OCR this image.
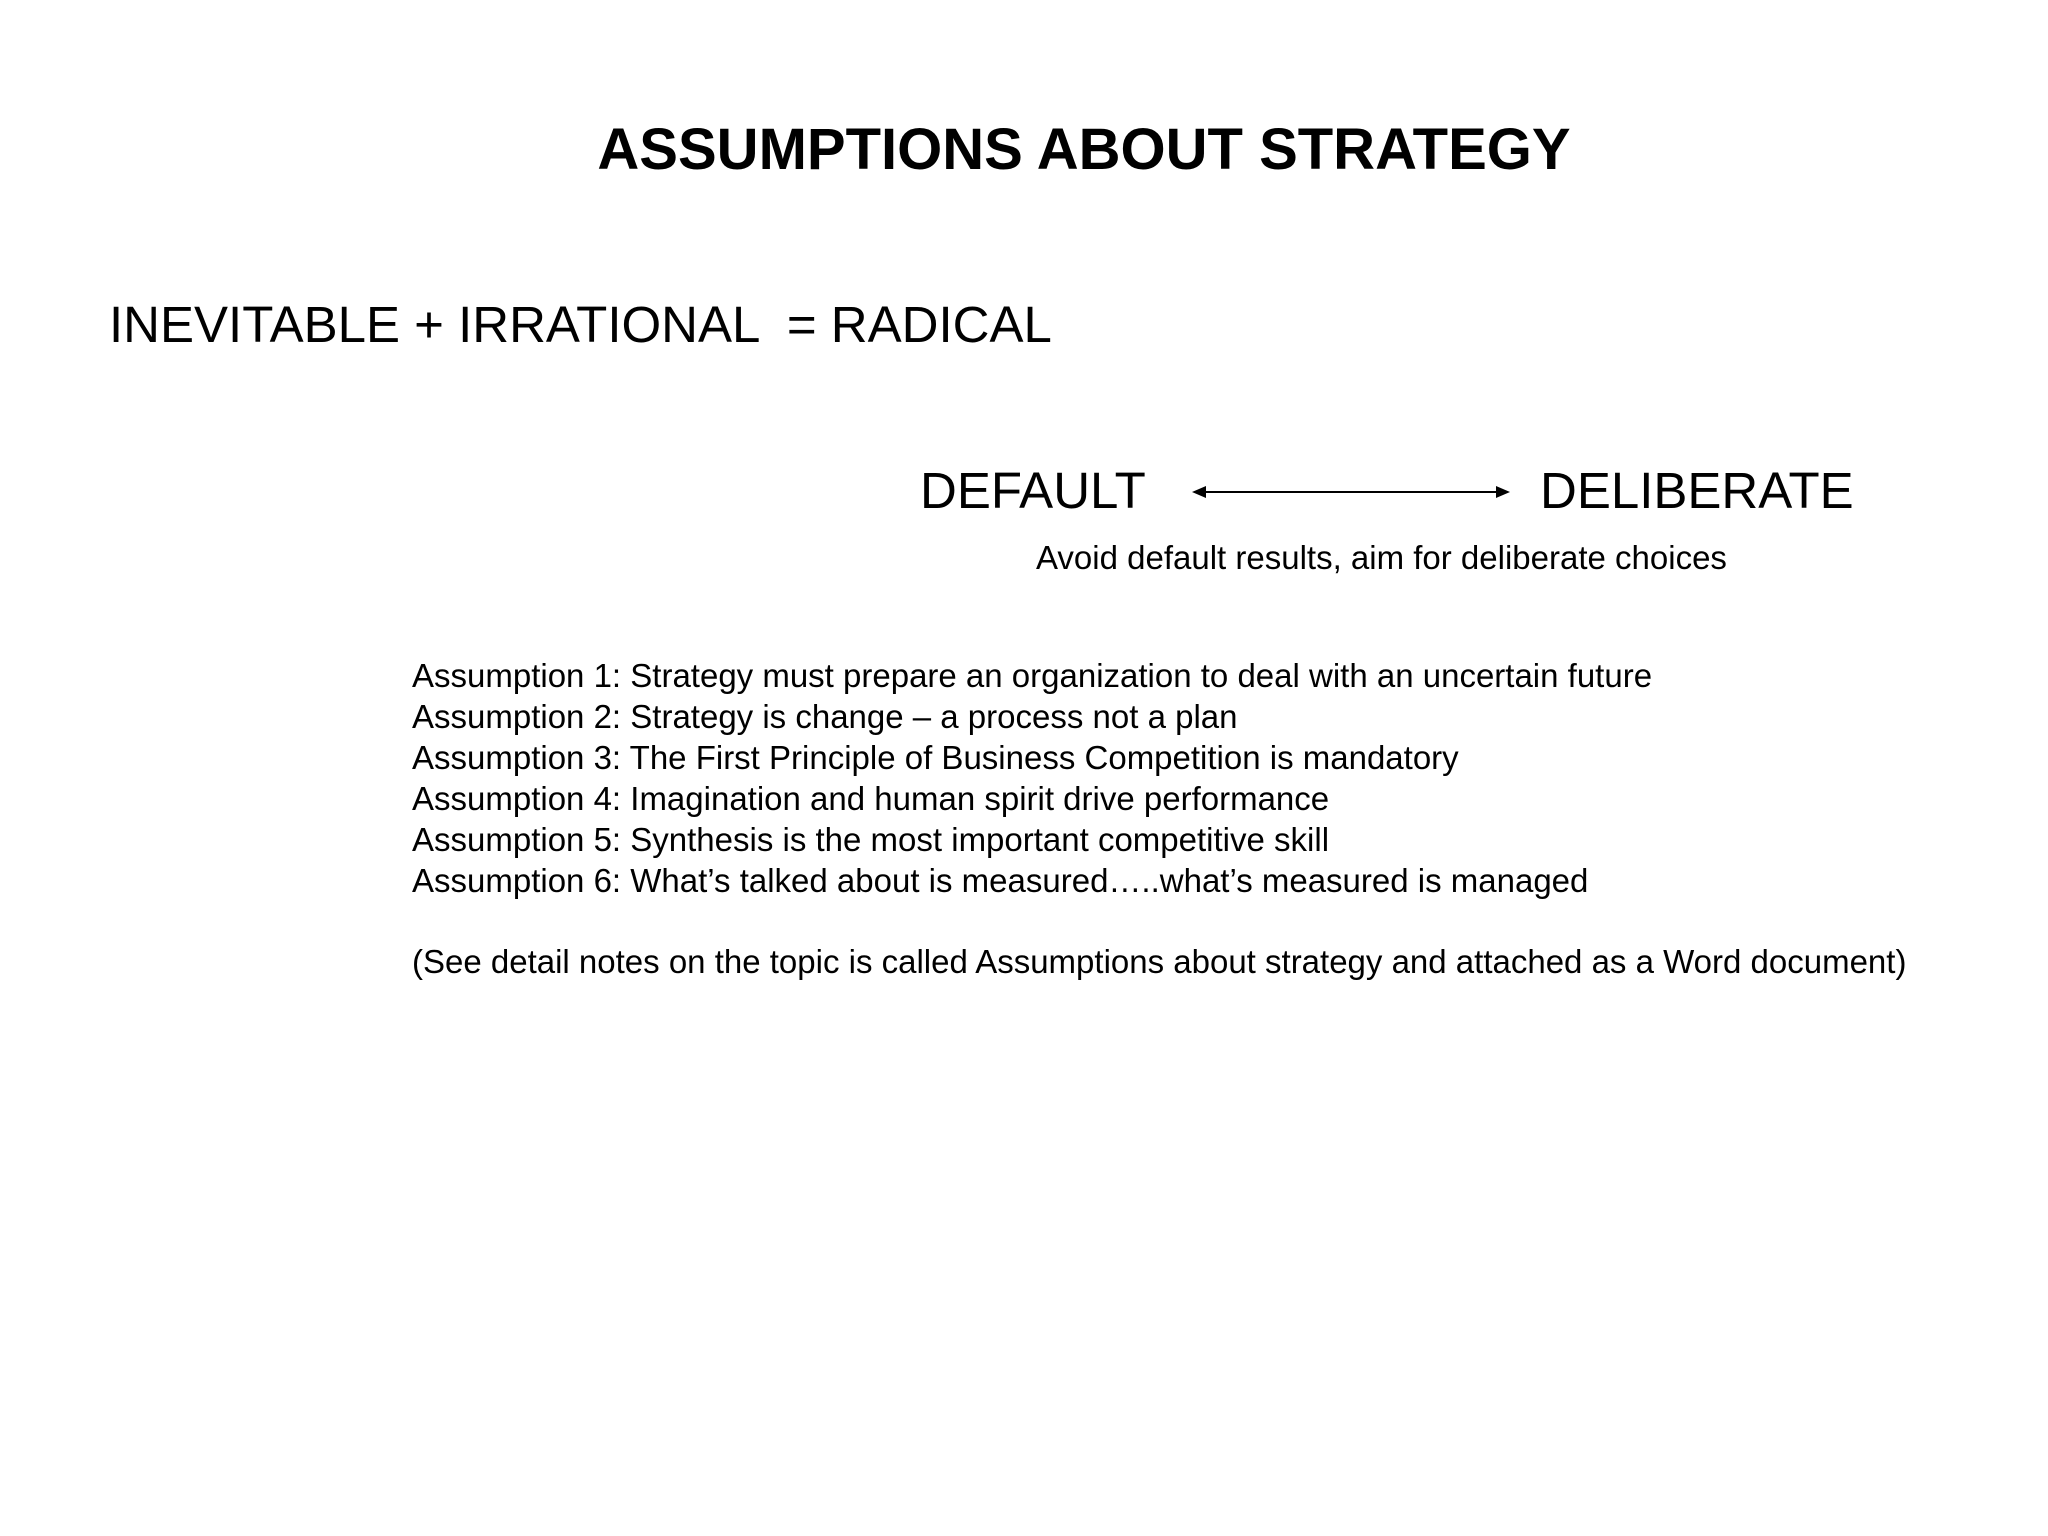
ASSUMPTIONS ABOUT STRATEGY
INEVITABLE + IRRATIONAL  = RADICAL
DEFAULT	DELIBERATE
Avoid default results, aim for deliberate choices
Assumption 1: Strategy must prepare an organization to deal with an uncertain future
Assumption 2: Strategy is change – a process not a plan
Assumption 3: The First Principle of Business Competition is mandatory
Assumption 4: Imagination and human spirit drive performance
Assumption 5: Synthesis is the most important competitive skill
Assumption 6: What’s talked about is measured…..what’s measured is managed
(See detail notes on the topic is called Assumptions about strategy and attached as a Word document)
